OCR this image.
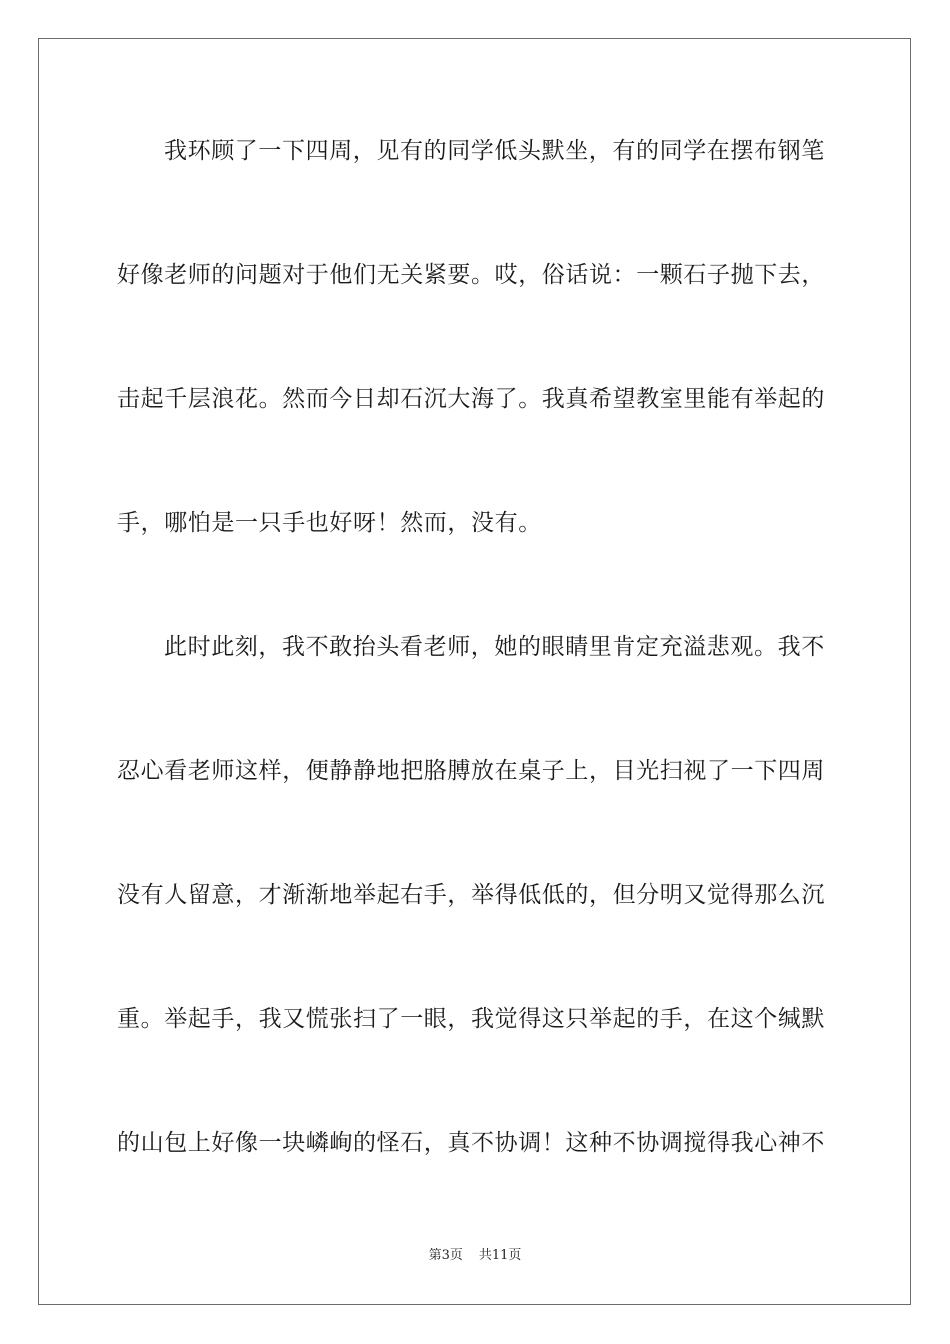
我环顾了一下四周，见有的同学低头默坐，有的同学在摆布钢笔
好像老师的问题对于他们无关紧要。哎，俗话说：一颗石子抛下去，
击起千层浪花。然而今日却石沉大海了。我真希望教室里能有举起的
手，哪怕是一只手也好呀！然而，没有。
此时此刻，我不敢抬头看老师，她的眼睛里肯定充溢悲观。我不
忍心看老师这样，便静静地把胳膊放在桌子上，目光扫视了一下四周
没有人留意，才渐渐地举起右手，举得低低的，但分明又觉得那么沉
重。举起手，我又慌张扫了一眼，我觉得这只举起的手，在这个缄默
的山包上好像一块嶙峋的怪石，真不协调！这种不协调搅得我心神不
第3页 共11页
